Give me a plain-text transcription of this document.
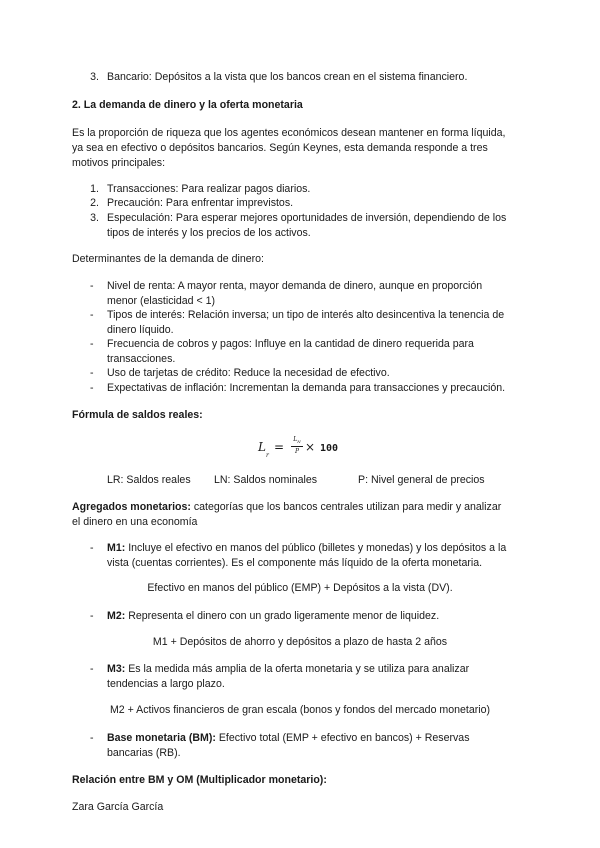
3. Bancario: Depósitos a la vista que los bancos crean en el sistema financiero.
2. La demanda de dinero y la oferta monetaria
Es la proporción de riqueza que los agentes económicos desean mantener en forma líquida,
ya sea en efectivo o depósitos bancarios. Según Keynes, esta demanda responde a tres
motivos principales:
1. Transacciones: Para realizar pagos diarios.
2. Precaución: Para enfrentar imprevistos.
3. Especulación: Para esperar mejores oportunidades de inversión, dependiendo de los
tipos de interés y los precios de los activos.
Determinantes de la demanda de dinero:
- Nivel de renta: A mayor renta, mayor demanda de dinero, aunque en proporción
menor (elasticidad < 1)
- Tipos de interés: Relación inversa; un tipo de interés alto desincentiva la tenencia de
dinero líquido.
- Frecuencia de cobros y pagos: Influye en la cantidad de dinero requerida para
transacciones.
- Uso de tarjetas de crédito: Reduce la necesidad de efectivo.
- Expectativas de inflación: Incrementan la demanda para transacciones y precaución.
Fórmula de saldos reales:
L
r
=
$L_N$
P × 100
LR: Saldos reales LN: Saldos nominales	P: Nivel general de precios
Agregados monetarios: categorías que los bancos centrales utilizan para medir y analizar
el dinero en una economía
- M1: Incluye el efectivo en manos del público (billetes y monedas) y los depósitos a la
vista (cuentas corrientes). Es el componente más líquido de la oferta monetaria.
Efectivo en manos del público (EMP) + Depósitos a la vista (DV).
- M2: Representa el dinero con un grado ligeramente menor de liquidez.
M1 + Depósitos de ahorro y depósitos a plazo de hasta 2 años
- M3: Es la medida más amplia de la oferta monetaria y se utiliza para analizar
tendencias a largo plazo.
M2 + Activos financieros de gran escala (bonos y fondos del mercado monetario)
- Base monetaria (BM): Efectivo total (EMP + efectivo en bancos) + Reservas
bancarias (RB).
Relación entre BM y OM (Multiplicador monetario):
Zara García García
